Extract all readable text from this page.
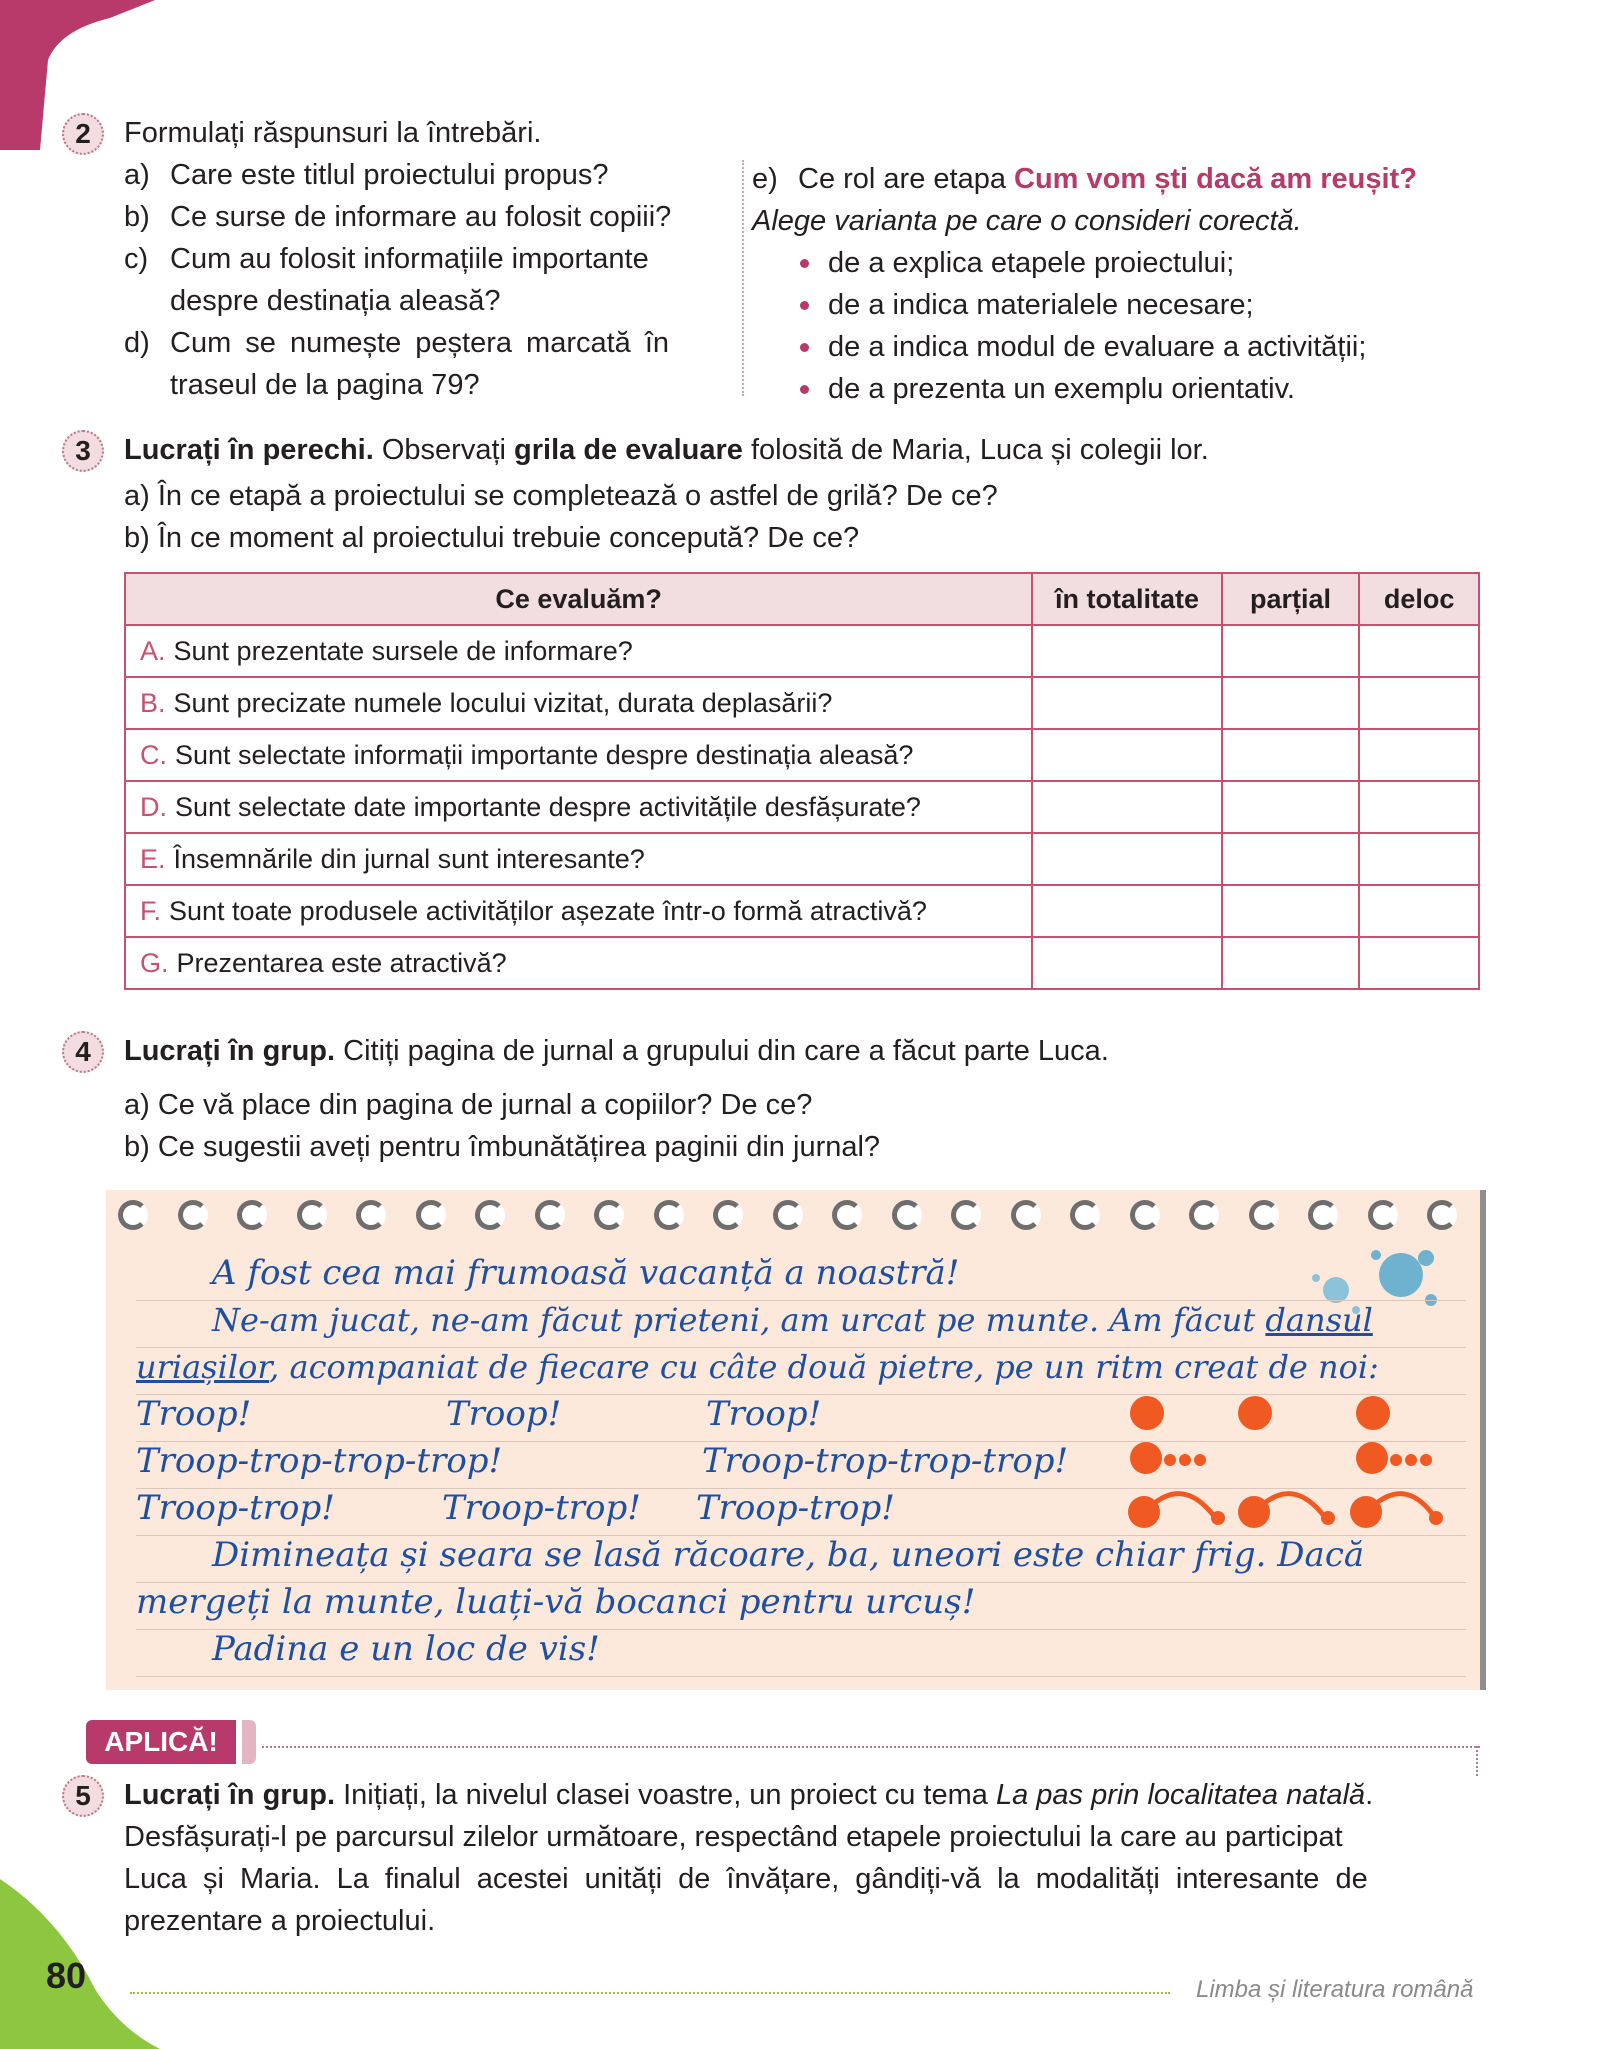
2	Formulați răspunsuri la întrebări.
a) Care este titlul proiectului propus?
b) Ce surse de informare au folosit copiii?
c) Cum au folosit informațiile importante
despre destinația aleasă?
d) Cum se numește peștera marcată în
traseul de la pagina 79?
e) Ce rol are etapa Cum vom ști dacă am reușit?
Alege varianta pe care o consideri corectă.
de a explica etapele proiectului;
de a indica materialele necesare;
de a indica modul de evaluare a activității;
de a prezenta un exemplu orientativ.
3	Lucrați în perechi. Observați grila de evaluare folosită de Maria, Luca și colegii lor.
a) În ce etapă a proiectului se completează o astfel de grilă? De ce?
b) În ce moment al proiectului trebuie concepută? De ce?
Ce evaluăm?	în totalitate	parțial	deloc
A. Sunt prezentate sursele de informare?			
B. Sunt precizate numele locului vizitat, durata deplasării?			
C. Sunt selectate informații importante despre destinația aleasă?			
D. Sunt selectate date importante despre activitățile desfășurate?			
E. Însemnările din jurnal sunt interesante?			
F. Sunt toate produsele activităților așezate într-o formă atractivă?			
G. Prezentarea este atractivă?			
4	Lucrați în grup. Citiți pagina de jurnal a grupului din care a făcut parte Luca.
a) Ce vă place din pagina de jurnal a copiilor? De ce?
b) Ce sugestii aveți pentru îmbunătățirea paginii din jurnal?
A fost cea mai frumoasă vacanță a noastră!
Ne-am jucat, ne-am făcut prieteni, am urcat pe munte. Am făcut dansul
uriașilor, acompaniat de fiecare cu câte două pietre, pe un ritm creat de noi:
Troop!	Troop!	Troop!
Troop-trop-trop-trop!	Troop-trop-trop-trop!
Troop-trop!	Troop-trop! Troop-trop!
Dimineața și seara se lasă răcoare, ba, uneori este chiar frig. Dacă
mergeți la munte, luați-vă bocanci pentru urcuș!
Padina e un loc de vis!
APLICĂ!
5	Lucrați în grup. Inițiați, la nivelul clasei voastre, un proiect cu tema La pas prin localitatea natală.
Desfășurați-l pe parcursul zilelor următoare, respectând etapele proiectului la care au participat
Luca și Maria. La finalul acestei unități de învățare, gândiți-vă la modalități interesante de
prezentare a proiectului.
80	Limba și literatura română
